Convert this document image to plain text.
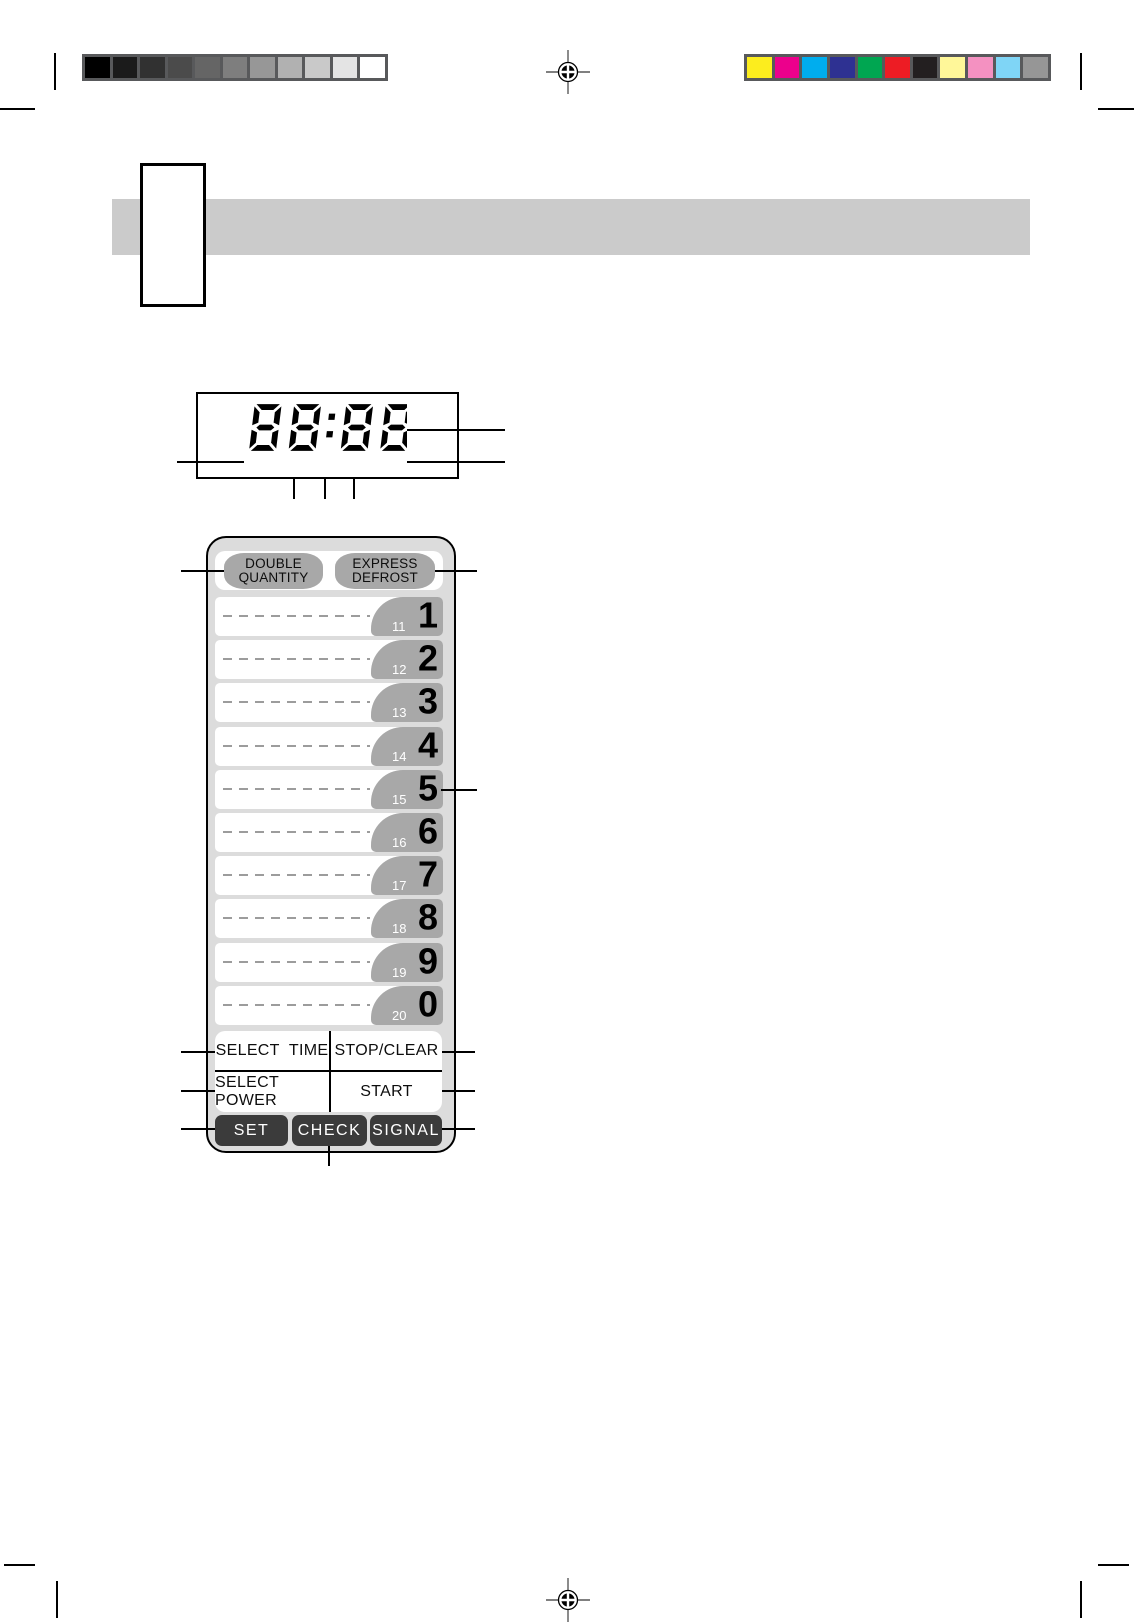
DOUBLE
QUANTITY
EXPRESS
DEFROST
11 1
12 2
13 3
14 4
15 5
16 6
17 7
18 8
19 9
20 0
SELECT TIME STOP/CLEAR
SELECT POWER
START
SET CHECK SIGNAL
